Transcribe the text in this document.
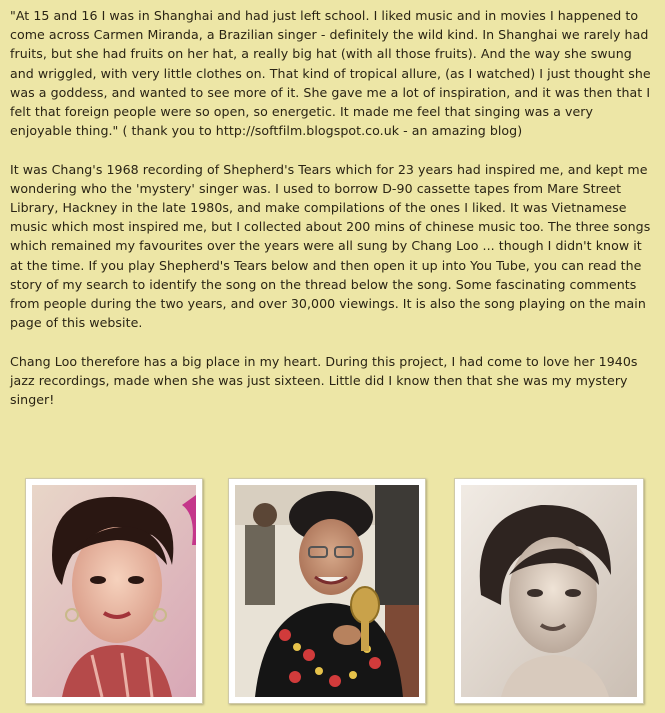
"At 15 and 16 I was in Shanghai and had just left school. I liked music and in movies I happened to come across Carmen Miranda, a Brazilian singer - definitely the wild kind. In Shanghai we rarely had fruits, but she had fruits on her hat, a really big hat (with all those fruits). And the way she swung and wriggled, with very little clothes on. That kind of tropical allure, (as I watched) I just thought she was a goddess, and wanted to see more of it. She gave me a lot of inspiration, and it was then that I felt that foreign people were so open, so energetic. It made me feel that singing was a very enjoyable thing." ( thank you to http://softfilm.blogspot.co.uk - an amazing blog)

It was Chang's 1968 recording of Shepherd's Tears which for 23 years had inspired me, and kept me wondering who the 'mystery' singer was. I used to borrow D-90 cassette tapes from Mare Street Library, Hackney in the late 1980s, and make compilations of the ones I liked. It was Vietnamese music which most inspired me, but I collected about 200 mins of chinese music too. The three songs which remained my favourites over the years were all sung by Chang Loo ... though I didn't know it at the time. If you play Shepherd's Tears below and then open it up into You Tube, you can read the story of my search to identify the song on the thread below the song. Some fascinating comments from people during the two years, and over 30,000 viewings. It is also the song playing on the main page of this website.

Chang Loo therefore has a big place in my heart. During this project, I had come to love her 1940s jazz recordings, made when she was just sixteen. Little did I know then that she was my mystery singer!
